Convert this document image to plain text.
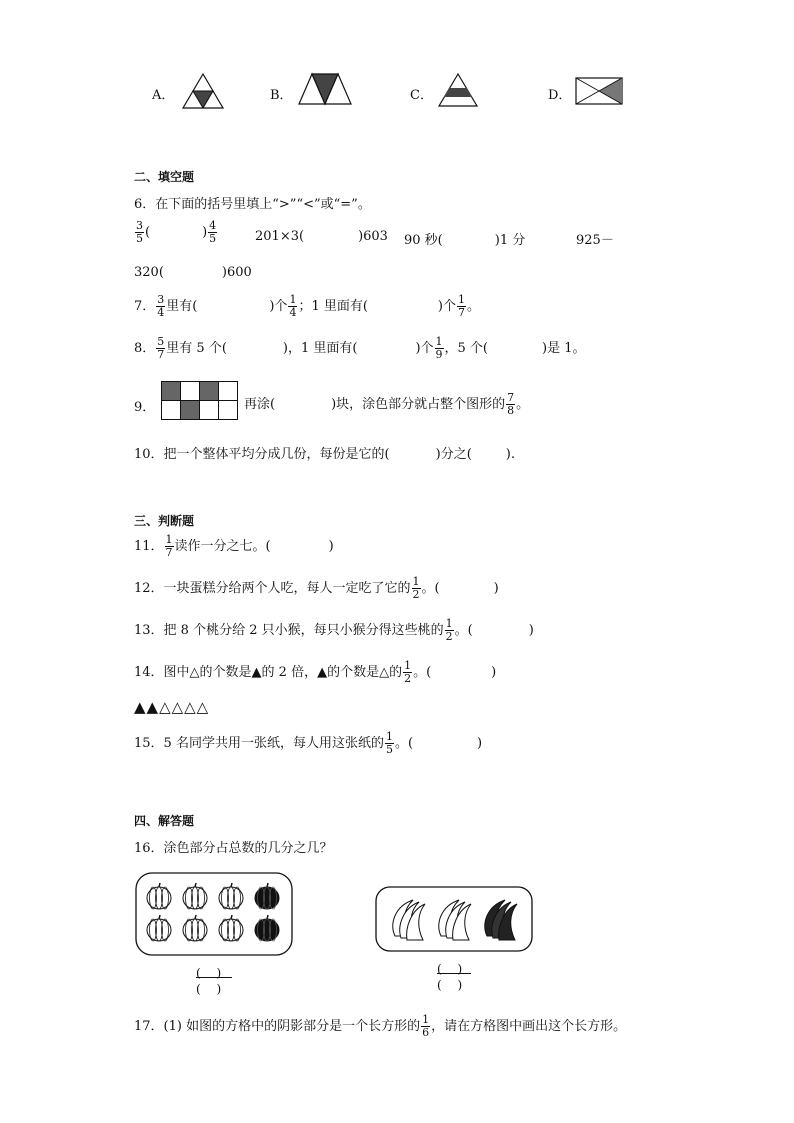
A．	B．	C．	D．
二、填空题
6．在下面的括号里填上“>”“<”或“=”。
$\frac{3}{5}$ (　　　　) $\frac{4}{5}$	201×3(	)603 90 秒(	)1 分	925－
320(	)600
7． $\frac{3}{4}$ 里有(	)个 $\frac{1}{4}$ ；1 里面有(	)个 $\frac{1}{7}$ 。
8． $\frac{5}{7}$ 里有 5 个(	)，1 里面有(	)个 $\frac{1}{9}$ ，5 个(	)是 1。
9．	再涂(	)块，涂色部分就占整个图形的 $\frac{7}{8}$ 。
10．把一个整体平均分成几份，每份是它的(	)分之(	).
三、判断题
11． $\frac{1}{7}$ 读作一分之七。(	)
12．一块蛋糕分给两个人吃，每人一定吃了它的 $\frac{1}{2}$ 。(	)
13．把 8 个桃分给 2 只小猴，每只小猴分得这些桃的 $\frac{1}{2}$ 。(	)
14．图中△的个数是▲的 2 倍，▲的个数是△的 $\frac{1}{2}$ 。(	)
▲▲△△△△
15．5 名同学共用一张纸，每人用这张纸的 $\frac{1}{5}$ 。(	)
四、解答题
16．涂色部分占总数的几分之几？
(　 )
(　 )
(　 )
(　 )
17．(1) 如图的方格中的阴影部分是一个长方形的 $\frac{1}{6}$ ，请在方格图中画出这个长方形。
